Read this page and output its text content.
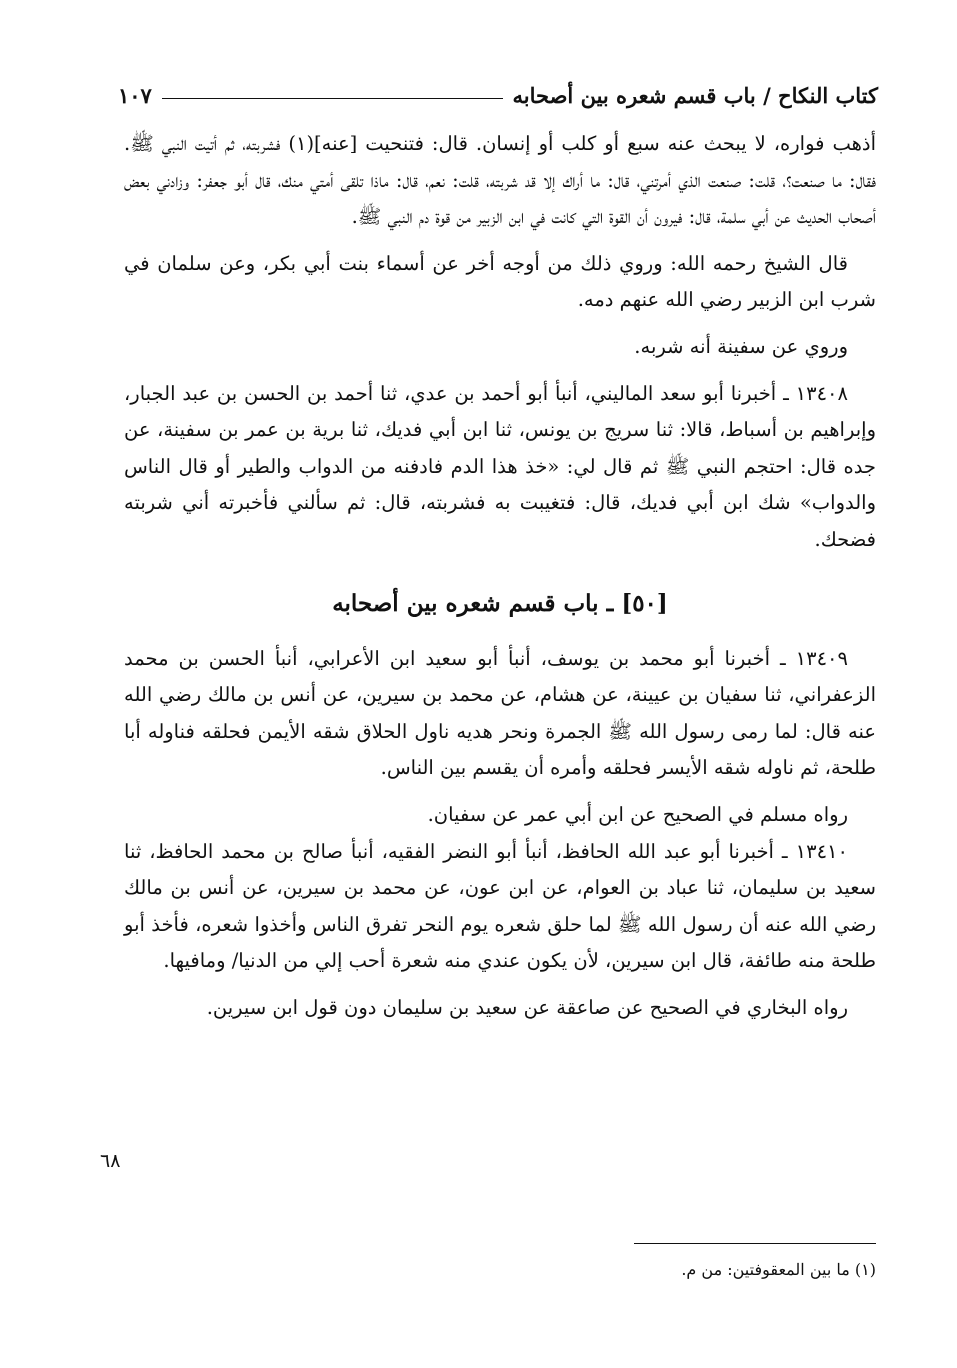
كتاب النكاح / باب قسم شعره بين أصحابه
١٠٧

أذهب فواره، لا يبحث عنه سبع أو كلب أو إنسان. قال: فتنحيت [عنه](١) فشربته، ثم أتيت النبي ﷺ. فقال: ما صنعت؟، قلت: صنعت الذي أمرتني، قال: ما أراك إلا قد شربته، قلت: نعم، قال: ماذا تلقى أمتي منك، قال أبو جعفر: وزادني بعض أصحاب الحديث عن أبي سلمة، قال: فيرون أن القوة التي كانت في ابن الزبير من قوة دم النبي ﷺ.

قال الشيخ رحمه الله: وروي ذلك من أوجه أخر عن أسماء بنت أبي بكر، وعن سلمان في شرب ابن الزبير رضي الله عنهم دمه.

وروي عن سفينة أنه شربه.

١٣٤٠٨ ـ أخبرنا أبو سعد الماليني، أنبأ أبو أحمد بن عدي، ثنا أحمد بن الحسن بن عبد الجبار، وإبراهيم بن أسباط، قالا: ثنا سريج بن يونس، ثنا ابن أبي فديك، ثنا برية بن عمر بن سفينة، عن جده قال: احتجم النبي ﷺ ثم قال لي: «خذ هذا الدم فادفنه من الدواب والطير أو قال الناس والدواب» شك ابن أبي فديك، قال: فتغيبت به فشربته، قال: ثم سألني فأخبرته أني شربته فضحك.

[٥٠] ـ باب قسم شعره بين أصحابه

١٣٤٠٩ ـ أخبرنا أبو محمد بن يوسف، أنبأ أبو سعيد ابن الأعرابي، أنبأ الحسن بن محمد الزعفراني، ثنا سفيان بن عيينة، عن هشام، عن محمد بن سيرين، عن أنس بن مالك رضي الله عنه قال: لما رمى رسول الله ﷺ الجمرة ونحر هديه ناول الحلاق شقه الأيمن فحلقه فناوله أبا طلحة، ثم ناوله شقه الأيسر فحلقه وأمره أن يقسم بين الناس.

رواه مسلم في الصحيح عن ابن أبي عمر عن سفيان.

١٣٤١٠ ـ أخبرنا أبو عبد الله الحافظ، أنبأ أبو النضر الفقيه، أنبأ صالح بن محمد الحافظ، ثنا سعيد بن سليمان، ثنا عباد بن العوام، عن ابن عون، عن محمد بن سيرين، عن أنس بن مالك رضي الله عنه أن رسول الله ﷺ لما حلق شعره يوم النحر تفرق الناس وأخذوا شعره، فأخذ أبو طلحة منه طائفة، قال ابن سيرين، لأن يكون عندي منه شعرة أحب إلي من الدنيا/ ومافيها.

رواه البخاري في الصحيح عن صاعقة عن سعيد بن سليمان دون قول ابن سيرين.

٦٨
(١) ما بين المعقوفتين: من م.
